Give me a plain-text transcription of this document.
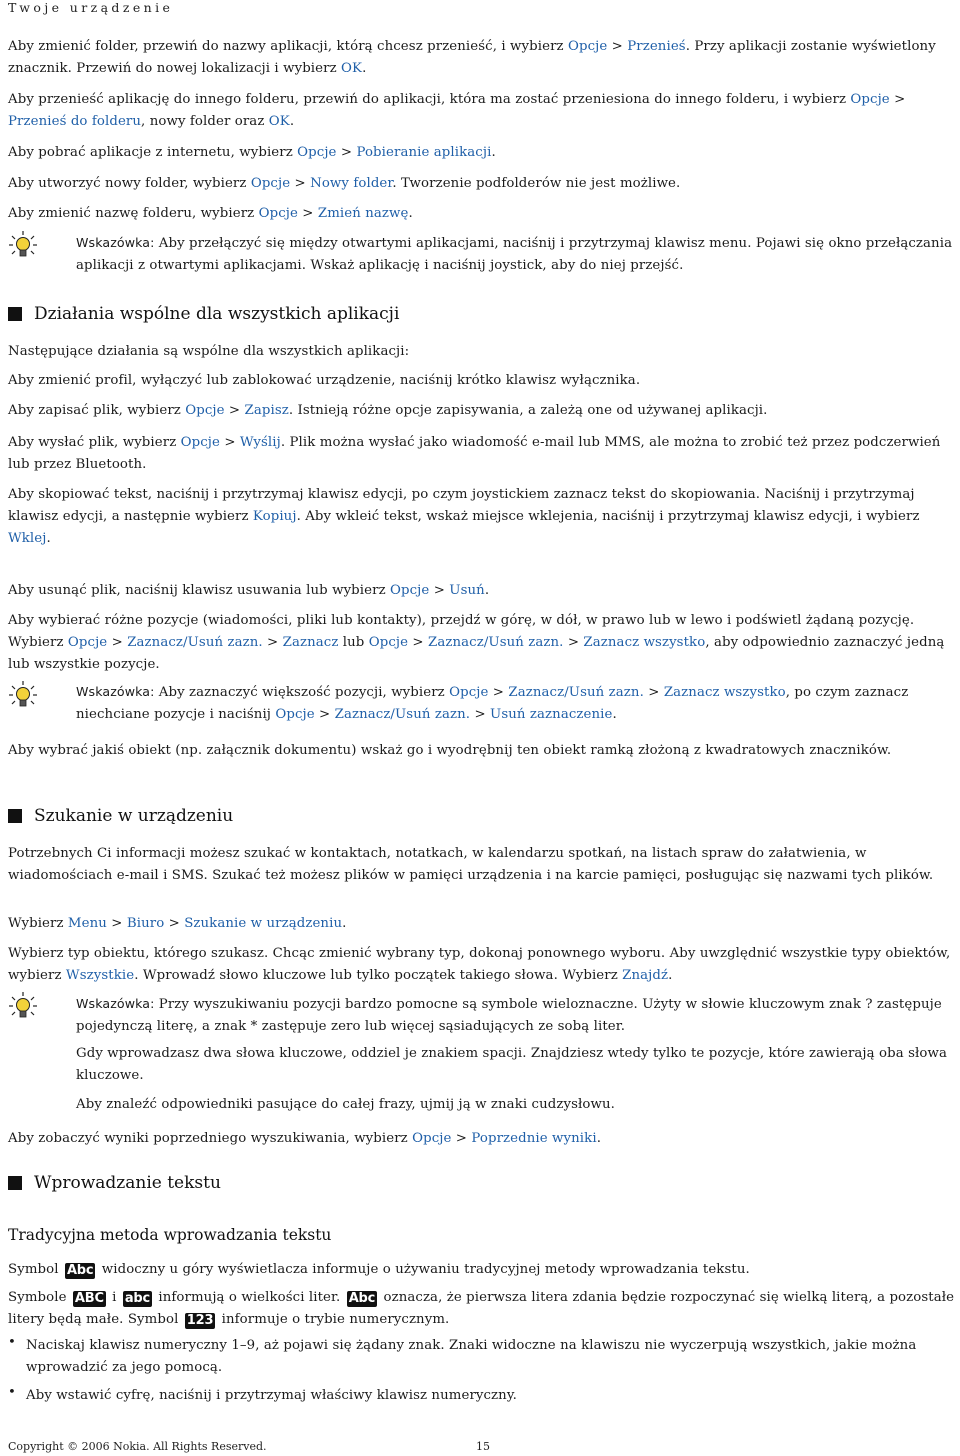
Twoje urządzenie
Aby zmienić folder, przewiń do nazwy aplikacji, którą chcesz przenieść, i wybierz Opcje > Przenieś. Przy aplikacji zostanie wyświetlony znacznik. Przewiń do nowej lokalizacji i wybierz OK.
Aby przenieść aplikację do innego folderu, przewiń do aplikacji, która ma zostać przeniesiona do innego folderu, i wybierz Opcje > Przenieś do folderu, nowy folder oraz OK.
Aby pobrać aplikacje z internetu, wybierz Opcje > Pobieranie aplikacji.
Aby utworzyć nowy folder, wybierz Opcje > Nowy folder. Tworzenie podfolderów nie jest możliwe.
Aby zmienić nazwę folderu, wybierz Opcje > Zmień nazwę.
Wskazówka: Aby przełączyć się między otwartymi aplikacjami, naciśnij i przytrzymaj klawisz menu. Pojawi się okno przełączania aplikacji z otwartymi aplikacjami. Wskaż aplikację i naciśnij joystick, aby do niej przejść.
Działania wspólne dla wszystkich aplikacji
Następujące działania są wspólne dla wszystkich aplikacji:
Aby zmienić profil, wyłączyć lub zablokować urządzenie, naciśnij krótko klawisz wyłącznika.
Aby zapisać plik, wybierz Opcje > Zapisz. Istnieją różne opcje zapisywania, a zależą one od używanej aplikacji.
Aby wysłać plik, wybierz Opcje > Wyślij. Plik można wysłać jako wiadomość e-mail lub MMS, ale można to zrobić też przez podczerwień lub przez Bluetooth.
Aby skopiować tekst, naciśnij i przytrzymaj klawisz edycji, po czym joystickiem zaznacz tekst do skopiowania. Naciśnij i przytrzymaj klawisz edycji, a następnie wybierz Kopiuj. Aby wkleić tekst, wskaż miejsce wklejenia, naciśnij i przytrzymaj klawisz edycji, i wybierz Wklej.
Aby usunąć plik, naciśnij klawisz usuwania lub wybierz Opcje > Usuń.
Aby wybierać różne pozycje (wiadomości, pliki lub kontakty), przejdź w górę, w dół, w prawo lub w lewo i podświetl żądaną pozycję. Wybierz Opcje > Zaznacz/Usuń zazn. > Zaznacz lub Opcje > Zaznacz/Usuń zazn. > Zaznacz wszystko, aby odpowiednio zaznaczyć jedną lub wszystkie pozycje.
Wskazówka: Aby zaznaczyć większość pozycji, wybierz Opcje > Zaznacz/Usuń zazn. > Zaznacz wszystko, po czym zaznacz niechciane pozycje i naciśnij Opcje > Zaznacz/Usuń zazn. > Usuń zaznaczenie.
Aby wybrać jakiś obiekt (np. załącznik dokumentu) wskaż go i wyodrębnij ten obiekt ramką złożoną z kwadratowych znaczników.
Szukanie w urządzeniu
Potrzebnych Ci informacji możesz szukać w kontaktach, notatkach, w kalendarzu spotkań, na listach spraw do załatwienia, w wiadomościach e-mail i SMS. Szukać też możesz plików w pamięci urządzenia i na karcie pamięci, posługując się nazwami tych plików.
Wybierz Menu > Biuro > Szukanie w urządzeniu.
Wybierz typ obiektu, którego szukasz. Chcąc zmienić wybrany typ, dokonaj ponownego wyboru. Aby uwzględnić wszystkie typy obiektów, wybierz Wszystkie. Wprowadź słowo kluczowe lub tylko początek takiego słowa. Wybierz Znajdź.
Wskazówka: Przy wyszukiwaniu pozycji bardzo pomocne są symbole wieloznaczne. Użyty w słowie kluczowym znak ? zastępuje pojedynczą literę, a znak * zastępuje zero lub więcej sąsiadujących ze sobą liter.
Gdy wprowadzasz dwa słowa kluczowe, oddziel je znakiem spacji. Znajdziesz wtedy tylko te pozycje, które zawierają oba słowa kluczowe.
Aby znaleźć odpowiedniki pasujące do całej frazy, ujmij ją w znaki cudzysłowu.
Aby zobaczyć wyniki poprzedniego wyszukiwania, wybierz Opcje > Poprzednie wyniki.
Wprowadzanie tekstu
Tradycyjna metoda wprowadzania tekstu
Symbol Abc widoczny u góry wyświetlacza informuje o używaniu tradycyjnej metody wprowadzania tekstu.
Symbole ABC i abc informują o wielkości liter. Abc oznacza, że pierwsza litera zdania będzie rozpoczynać się wielką literą, a pozostałe litery będą małe. Symbol 123 informuje o trybie numerycznym.
• Naciskaj klawisz numeryczny 1–9, aż pojawi się żądany znak. Znaki widoczne na klawiszu nie wyczerpują wszystkich, jakie można wprowadzić za jego pomocą.
• Aby wstawić cyfrę, naciśnij i przytrzymaj właściwy klawisz numeryczny.
Copyright © 2006 Nokia. All Rights Reserved.	15
